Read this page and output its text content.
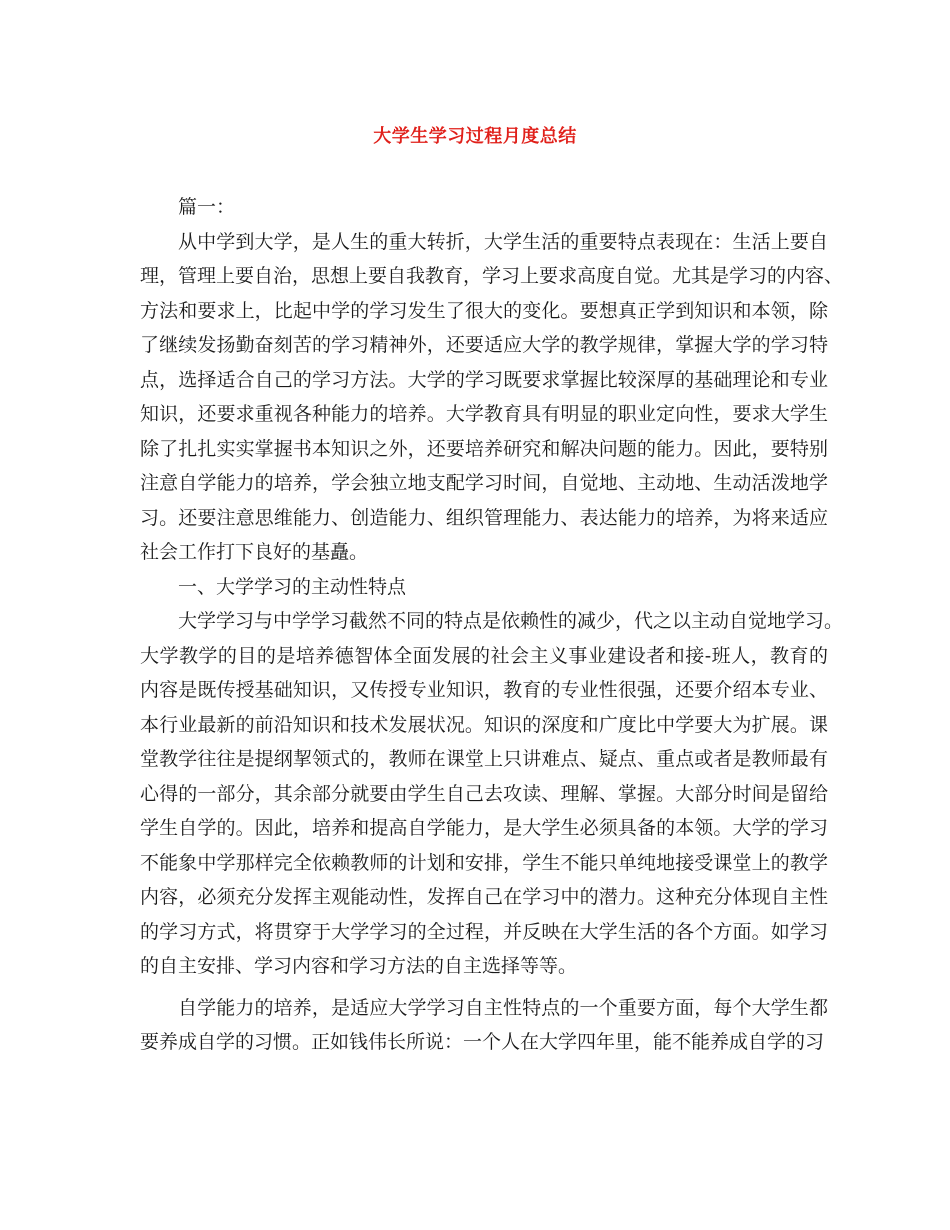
大学生学习过程月度总结

篇一：

从中学到大学，是人生的重大转折，大学生活的重要特点表现在：生活上要自
理，管理上要自治，思想上要自我教育，学习上要求高度自觉。尤其是学习的内容、
方法和要求上，比起中学的学习发生了很大的变化。要想真正学到知识和本领，除
了继续发扬勤奋刻苦的学习精神外，还要适应大学的教学规律，掌握大学的学习特
点，选择适合自己的学习方法。大学的学习既要求掌握比较深厚的基础理论和专业
知识，还要求重视各种能力的培养。大学教育具有明显的职业定向性，要求大学生
除了扎扎实实掌握书本知识之外，还要培养研究和解决问题的能力。因此，要特别
注意自学能力的培养，学会独立地支配学习时间，自觉地、主动地、生动活泼地学
习。还要注意思维能力、创造能力、组织管理能力、表达能力的培养，为将来适应
社会工作打下良好的基矗。

一、大学学习的主动性特点

大学学习与中学学习截然不同的特点是依赖性的减少，代之以主动自觉地学习。
大学教学的目的是培养德智体全面发展的社会主义事业建设者和接-班人，教育的
内容是既传授基础知识，又传授专业知识，教育的专业性很强，还要介绍本专业、
本行业最新的前沿知识和技术发展状况。知识的深度和广度比中学要大为扩展。课
堂教学往往是提纲挈领式的，教师在课堂上只讲难点、疑点、重点或者是教师最有
心得的一部分，其余部分就要由学生自己去攻读、理解、掌握。大部分时间是留给
学生自学的。因此，培养和提高自学能力，是大学生必须具备的本领。大学的学习
不能象中学那样完全依赖教师的计划和安排，学生不能只单纯地接受课堂上的教学
内容，必须充分发挥主观能动性，发挥自己在学习中的潜力。这种充分体现自主性
的学习方式，将贯穿于大学学习的全过程，并反映在大学生活的各个方面。如学习
的自主安排、学习内容和学习方法的自主选择等等。

自学能力的培养，是适应大学学习自主性特点的一个重要方面，每个大学生都
要养成自学的习惯。正如钱伟长所说：一个人在大学四年里，能不能养成自学的习
